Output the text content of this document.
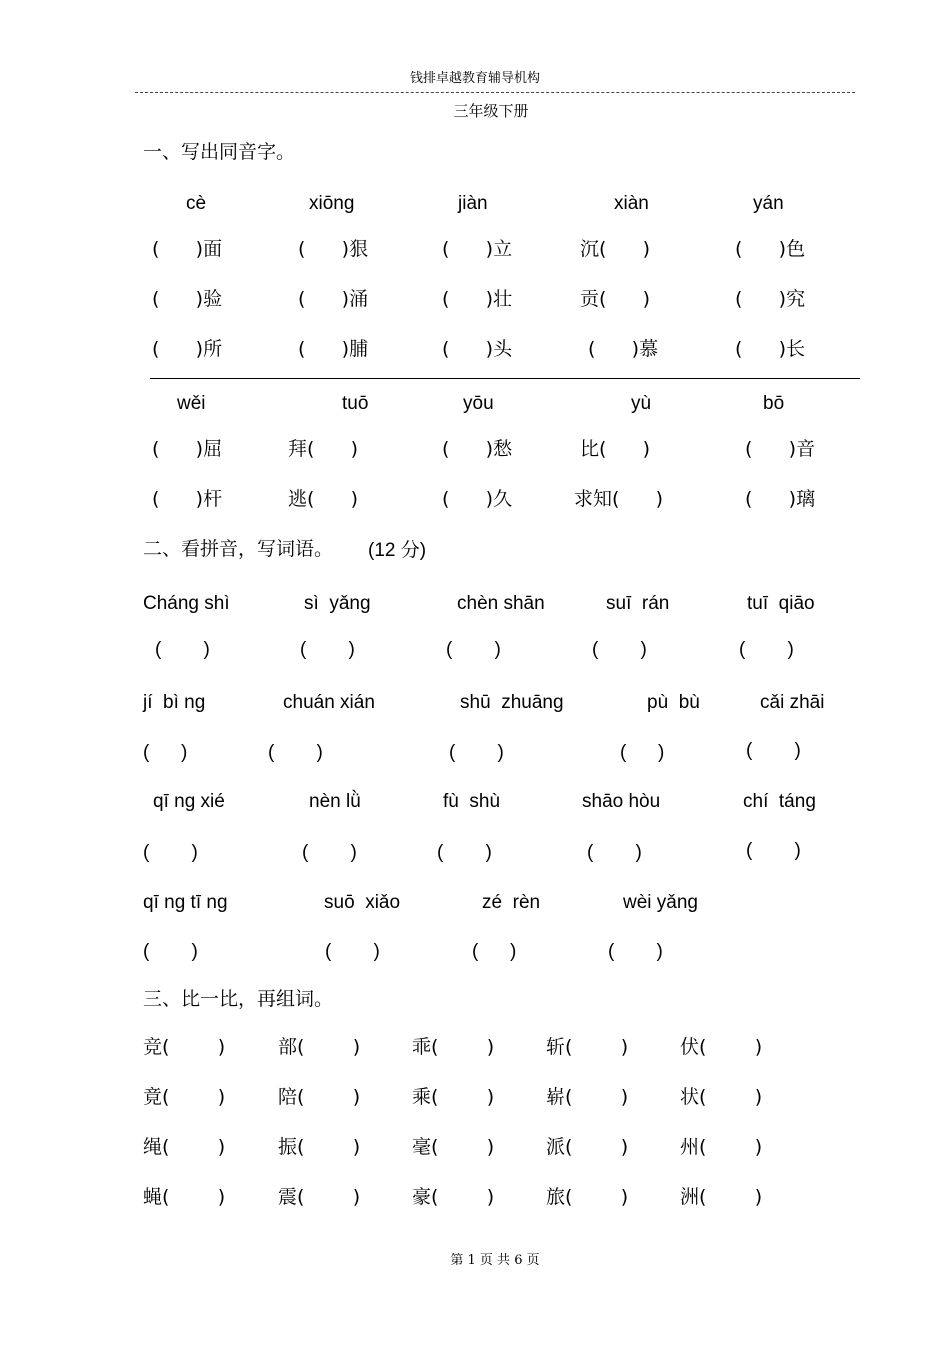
钱排卓越教育辅导机构
三年级下册
一、写出同音字。
cè	xiōng	jiàn	xiàn	yán
(      )面	(      )狠	(      )立	沉(      )	(      )色
(      )验	(      )涌	(      )壮	贡(      )	(      )究
(      )所	(      )脯	(      )头	(      )慕	(      )长
wěi	tuō	yōu	yù	bō
(      )屈	拜(      )	(      )愁	比(      )	(      )音
(      )杆	逃(      )	(      )久	求知(      )	(      )璃
二、看拼音，写词语。 (12 分)
Cháng shì	sì  yǎng	chèn shān	suī  rán	tuī  qiāo
(        )	(        )	(        )	(        )	(        )
jí  bì ng	chuán xián	shū  zhuāng	pù  bù	cǎi zhāi
(      )	(        )	(        )	(      )	(        )
qī ng xié	nèn lǜ	fù  shù	shāo hòu	chí  táng
(        )	(        )	(        )	(        )	(        )
qī ng tī ng	suō  xiǎo	zé  rèn	wèi yǎng
(        )	(        )	(      )	(        )
三、比一比，再组词。
竞(        )	部(        )	乖(        )	斩(        )	伏(        )
竟(        )	陪(        )	乘(        )	崭(        )	状(        )
绳(        )	振(        )	毫(        )	派(        )	州(        )
蝇(        )	震(        )	豪(        )	旅(        )	洲(        )
第 1 页 共 6 页
